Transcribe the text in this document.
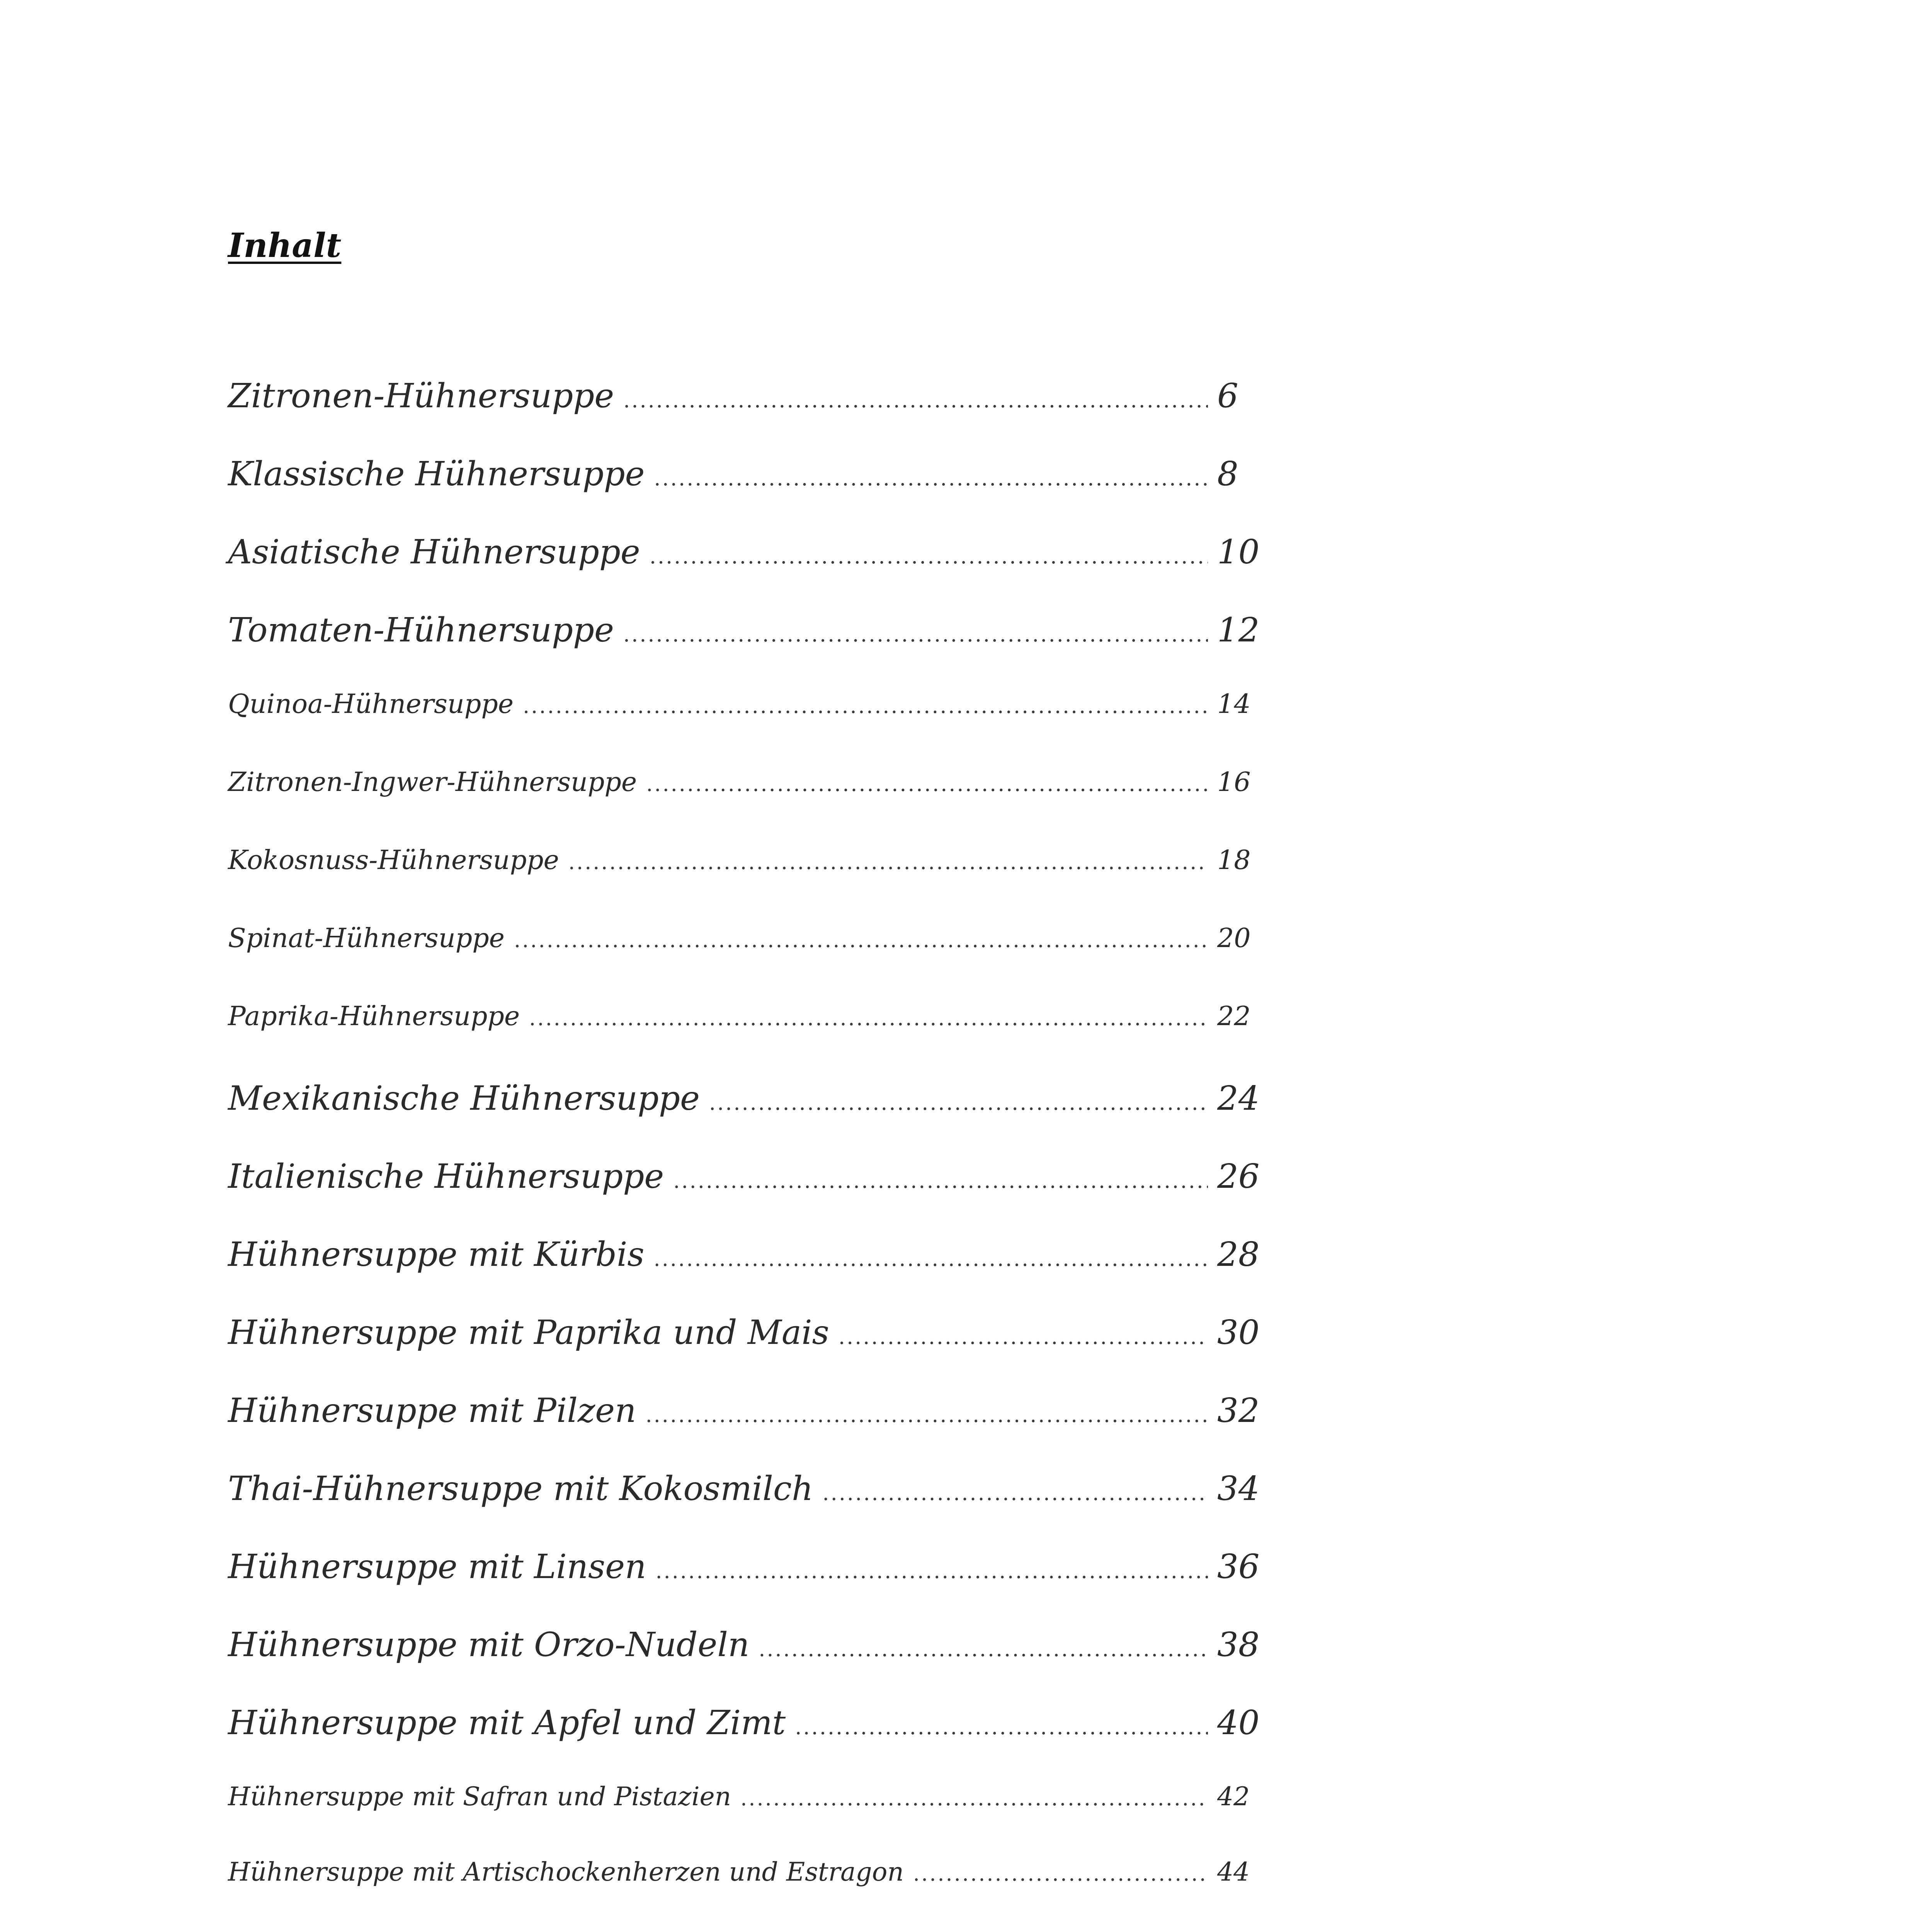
Inhalt
Zitronen-Hühnersuppe .....	6
Klassische Hühnersuppe .....	8
Asiatische Hühnersuppe .....	10
Tomaten-Hühnersuppe .....	12
Quinoa-Hühnersuppe .....	14
Zitronen-Ingwer-Hühnersuppe .....	16
Kokosnuss-Hühnersuppe .....	18
Spinat-Hühnersuppe .....	20
Paprika-Hühnersuppe .....	22
Mexikanische Hühnersuppe .....	24
Italienische Hühnersuppe .....	26
Hühnersuppe mit Kürbis .....	28
Hühnersuppe mit Paprika und Mais .....	30
Hühnersuppe mit Pilzen .....	32
Thai-Hühnersuppe mit Kokosmilch .....	34
Hühnersuppe mit Linsen .....	36
Hühnersuppe mit Orzo-Nudeln .....	38
Hühnersuppe mit Apfel und Zimt .....	40
Hühnersuppe mit Safran und Pistazien .....	42
Hühnersuppe mit Artischockenherzen und Estragon .....	44
